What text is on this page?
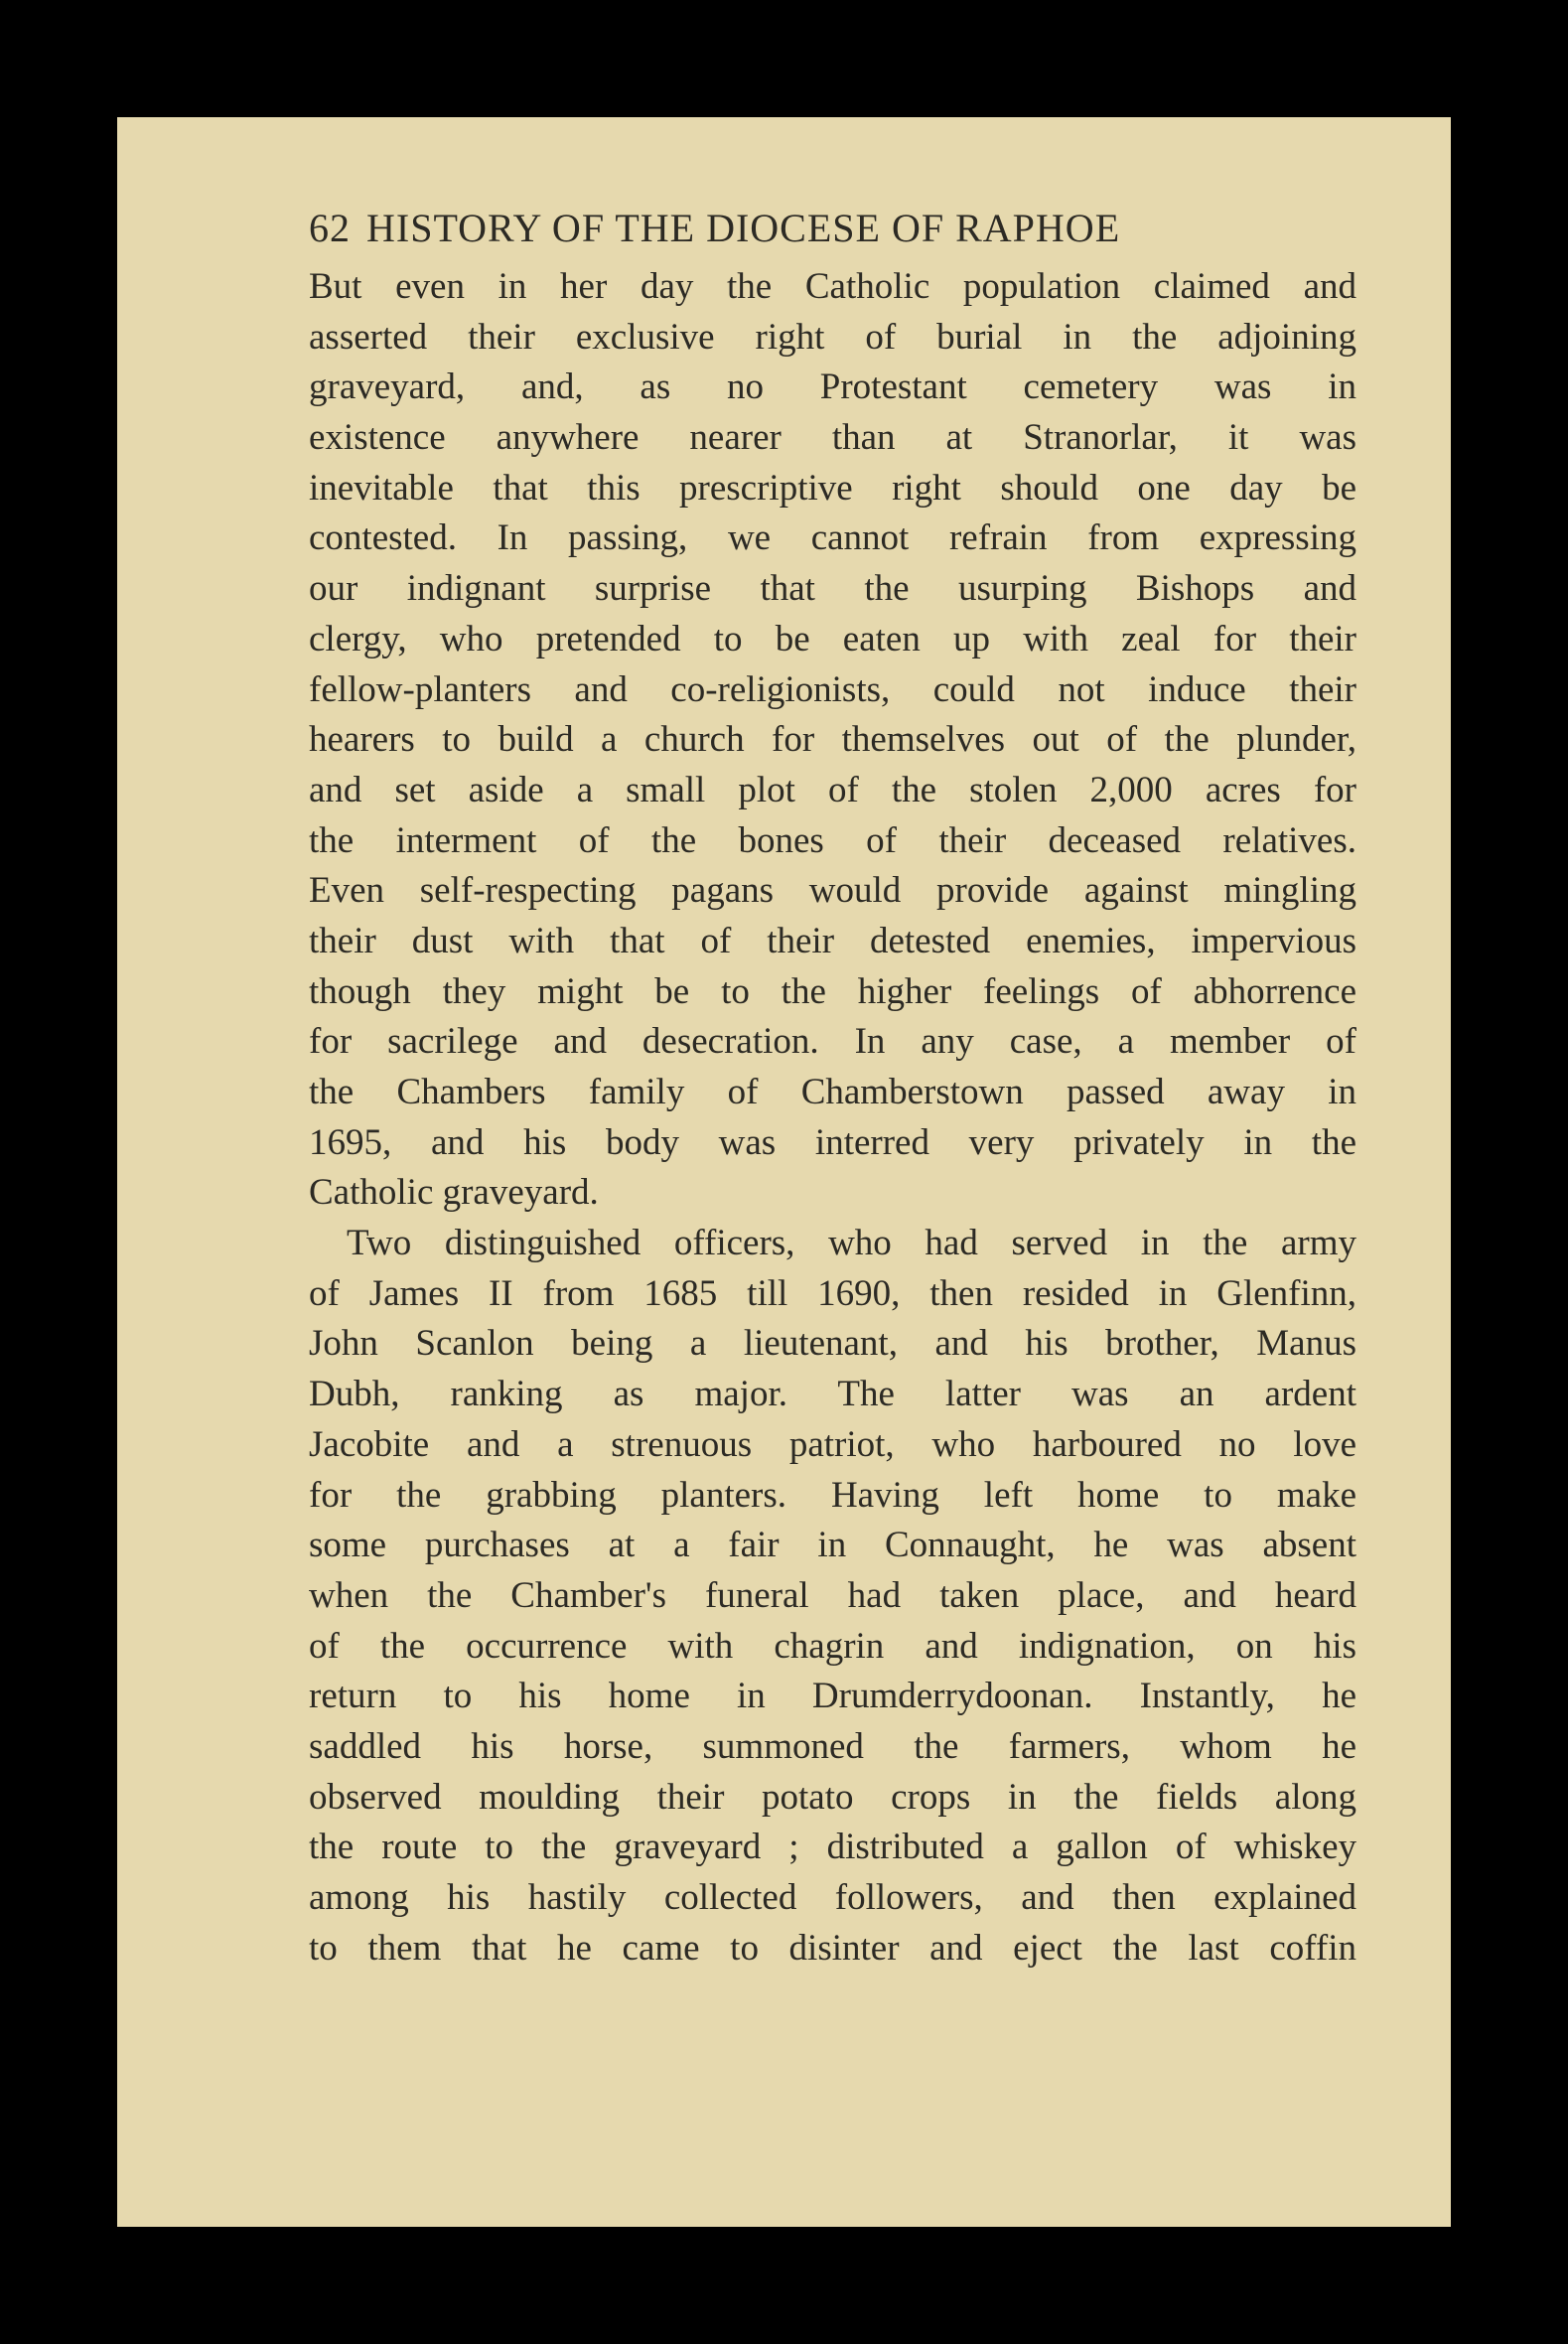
62 HISTORY OF THE DIOCESE OF RAPHOE
But even in her day the Catholic population claimed and
asserted their exclusive right of burial in the adjoining
graveyard, and, as no Protestant cemetery was in
existence anywhere nearer than at Stranorlar, it was
inevitable that this prescriptive right should one day be
contested. In passing, we cannot refrain from expressing
our indignant surprise that the usurping Bishops and
clergy, who pretended to be eaten up with zeal for their
fellow-planters and co-religionists, could not induce their
hearers to build a church for themselves out of the plunder,
and set aside a small plot of the stolen 2,000 acres for
the interment of the bones of their deceased relatives.
Even self-respecting pagans would provide against mingling
their dust with that of their detested enemies, impervious
though they might be to the higher feelings of abhorrence
for sacrilege and desecration. In any case, a member of
the Chambers family of Chamberstown passed away in
1695, and his body was interred very privately in the
Catholic graveyard.
Two distinguished officers, who had served in the army
of James II from 1685 till 1690, then resided in Glenfinn,
John Scanlon being a lieutenant, and his brother, Manus
Dubh, ranking as major. The latter was an ardent
Jacobite and a strenuous patriot, who harboured no love
for the grabbing planters. Having left home to make
some purchases at a fair in Connaught, he was absent
when the Chamber's funeral had taken place, and heard
of the occurrence with chagrin and indignation, on his
return to his home in Drumderrydoonan. Instantly, he
saddled his horse, summoned the farmers, whom he
observed moulding their potato crops in the fields along
the route to the graveyard ; distributed a gallon of whiskey
among his hastily collected followers, and then explained
to them that he came to disinter and eject the last coffin
